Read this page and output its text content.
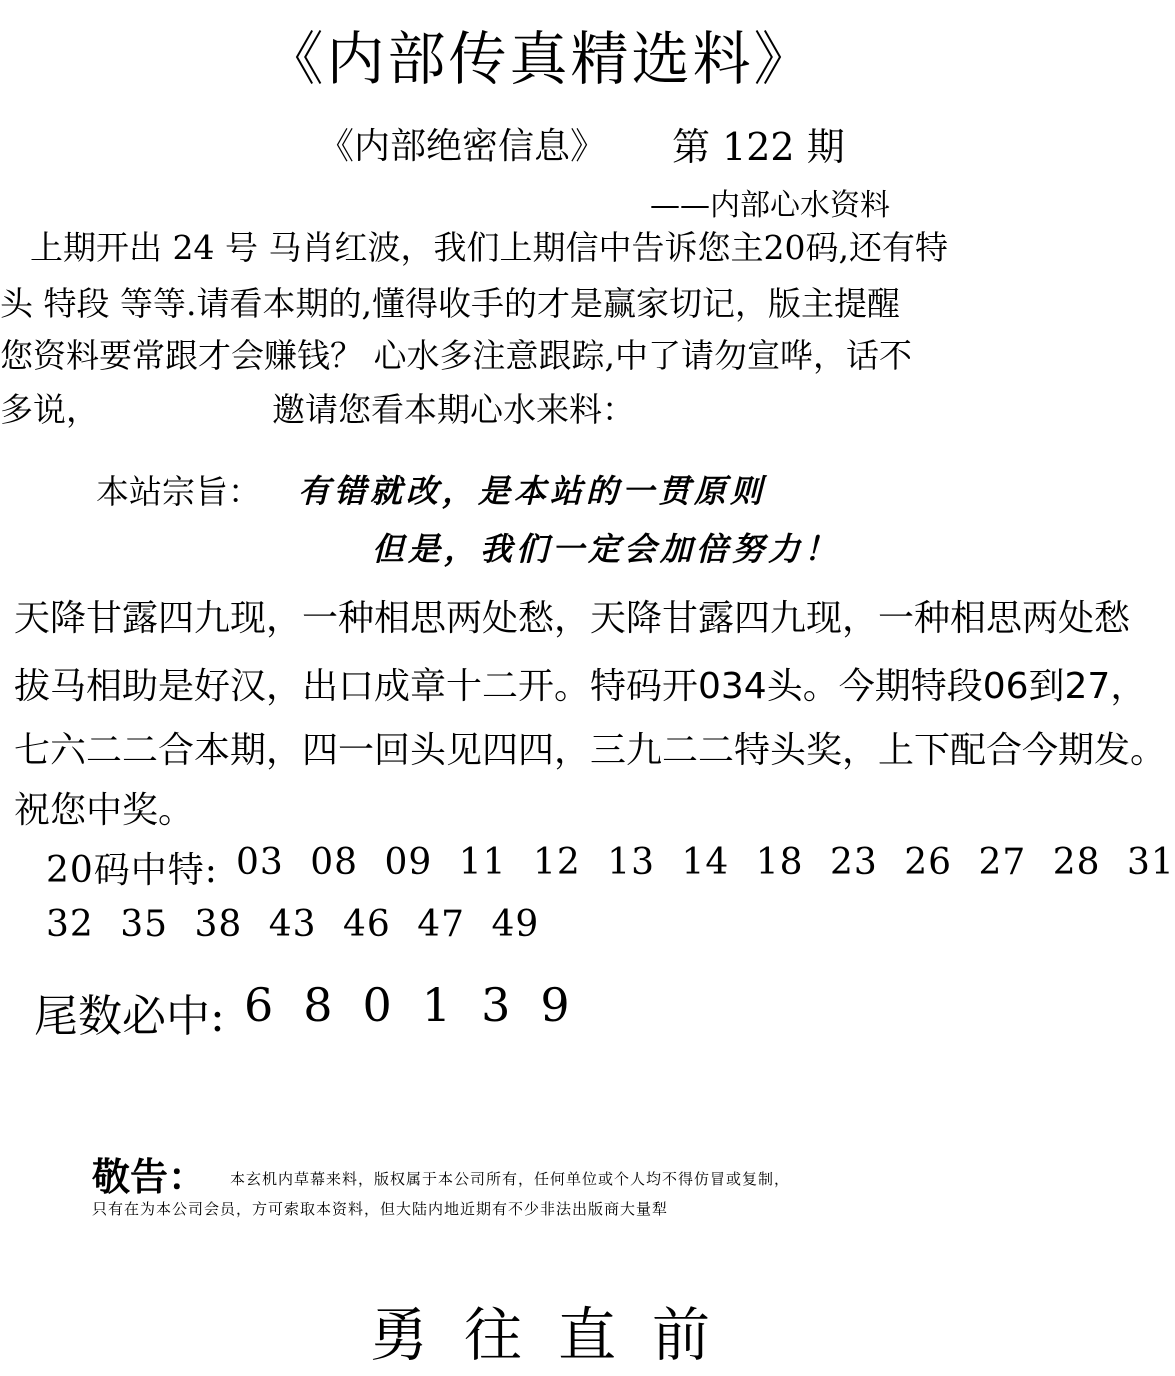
《内部传真精选料》
《内部绝密信息》 第 122 期
——内部心水资料
上期开出 24 号 马肖红波，我们上期信中告诉您主20码,还有特
头 特段 等等.请看本期的,懂得收手的才是赢家切记，版主提醒
您资料要常跟才会赚钱？ 心水多注意跟踪,中了请勿宣哗，话不
多说，	邀请您看本期心水来料：
本站宗旨： 有错就改，是本站的一贯原则
但是，我们一定会加倍努力！
天降甘露四九现，一种相思两处愁，天降甘露四九现，一种相思两处愁
拔马相助是好汉，出口成章十二开。特码开034头。今期特段06到27，
七六二二合本期，四一回头见四四，三九二二特头奖，上下配合今期发。
祝您中奖。
20码中特: 03 08 09 11 12 13 14 18 23 26 27 28 31
32 35 38 43 46 47 49
尾数必中: 680139
敬告： 本玄机内草幕来料，版权属于本公司所有，任何单位或个人均不得仿冒或复制，
只有在为本公司会员，方可索取本资料，但大陆内地近期有不少非法出版商大量犁
勇往直前
